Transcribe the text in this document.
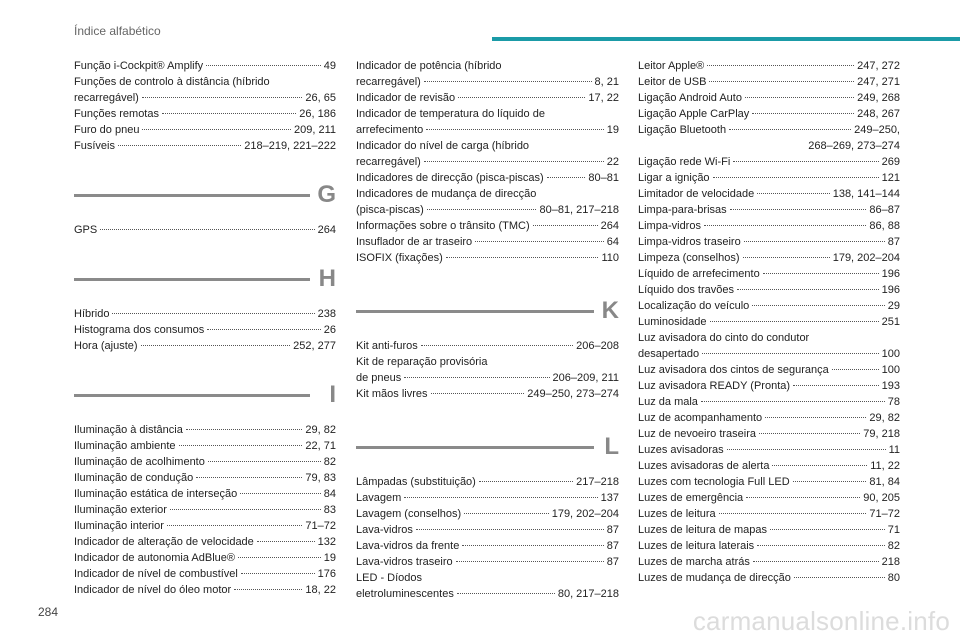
Índice alfabético
Função i-Cockpit® Amplify	49
Funções de controlo à distância (híbrido
recarregável)	26, 65
Funções remotas	26, 186
Furo do pneu	209, 211
Fusíveis	218–219, 221–222
G
GPS	264
H
Híbrido	238
Histograma dos consumos	26
Hora (ajuste)	252, 277
I
Iluminação à distância	29, 82
Iluminação ambiente	22, 71
Iluminação de acolhimento	82
Iluminação de condução	79, 83
Iluminação estática de interseção	84
Iluminação exterior	83
Iluminação interior	71–72
Indicador de alteração de velocidade	132
Indicador de autonomia AdBlue®	19
Indicador de nível de combustível	176
Indicador de nível do óleo motor	18, 22
Indicador de potência (híbrido
recarregável)	8, 21
Indicador de revisão	17, 22
Indicador de temperatura do líquido de
arrefecimento	19
Indicador do nível de carga (híbrido
recarregável)	22
Indicadores de direcção (pisca-piscas)	80–81
Indicadores de mudança de direcção
(pisca-piscas)	80–81, 217–218
Informações sobre o trânsito (TMC)	264
Insuflador de ar traseiro	64
ISOFIX (fixações)	110
K
Kit anti-furos	206–208
Kit de reparação provisória
de pneus	206–209, 211
Kit mãos livres	249–250, 273–274
L
Lâmpadas (substituição)	217–218
Lavagem	137
Lavagem (conselhos)	179, 202–204
Lava-vidros	87
Lava-vidros da frente	87
Lava-vidros traseiro	87
LED - Díodos
eletroluminescentes	80, 217–218
Leitor Apple®	247, 272
Leitor de USB	247, 271
Ligação Android Auto	249, 268
Ligação Apple CarPlay	248, 267
Ligação Bluetooth	249–250,
268–269, 273–274
Ligação rede Wi-Fi	269
Ligar a ignição	121
Limitador de velocidade	138, 141–144
Limpa-para-brisas	86–87
Limpa-vidros	86, 88
Limpa-vidros traseiro	87
Limpeza (conselhos)	179, 202–204
Líquido de arrefecimento	196
Líquido dos travões	196
Localização do veículo	29
Luminosidade	251
Luz avisadora do cinto do condutor
desapertado	100
Luz avisadora dos cintos de segurança	100
Luz avisadora READY (Pronta)	193
Luz da mala	78
Luz de acompanhamento	29, 82
Luz de nevoeiro traseira	79, 218
Luzes avisadoras	11
Luzes avisadoras de alerta	11, 22
Luzes com tecnologia Full LED	81, 84
Luzes de emergência	90, 205
Luzes de leitura	71–72
Luzes de leitura de mapas	71
Luzes de leitura laterais	82
Luzes de marcha atrás	218
Luzes de mudança de direcção	80
284	carmanualsonline.info
